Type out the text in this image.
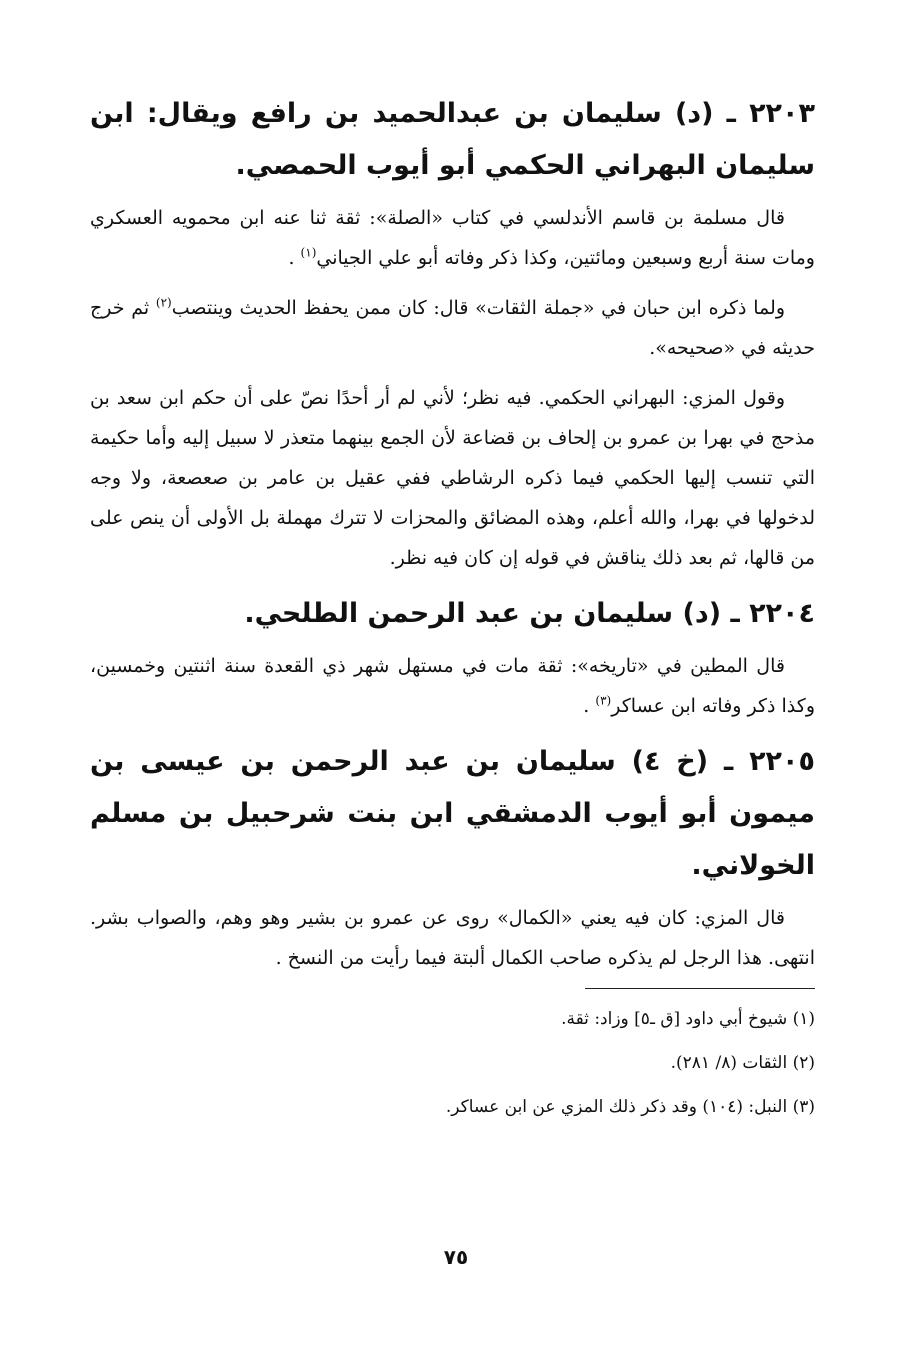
٢٢٠٣ ـ (د) سليمان بن عبدالحميد بن رافع ويقال: ابن سليمان البهراني الحكمي أبو أيوب الحمصي.

قال مسلمة بن قاسم الأندلسي في كتاب «الصلة»: ثقة ثنا عنه ابن محمويه العسكري ومات سنة أربع وسبعين ومائتين، وكذا ذكر وفاته أبو علي الجياني$^{(١)}$ .

ولما ذكره ابن حبان في «جملة الثقات» قال: كان ممن يحفظ الحديث وينتصب$^{(٢)}$ ثم خرج حديثه في «صحيحه».

وقول المزي: البهراني الحكمي. فيه نظر؛ لأني لم أر أحدًا نصّ على أن حكم ابن سعد بن مذحج في بهرا بن عمرو بن إلحاف بن قضاعة لأن الجمع بينهما متعذر لا سبيل إليه وأما حكيمة التي تنسب إليها الحكمي فيما ذكره الرشاطي ففي عقيل بن عامر بن صعصعة، ولا وجه لدخولها في بهرا، والله أعلم، وهذه المضائق والمحزات لا تترك مهملة بل الأولى أن ينص على من قالها، ثم بعد ذلك يناقش في قوله إن كان فيه نظر.

٢٢٠٤ ـ (د) سليمان بن عبد الرحمن الطلحي.

قال المطين في «تاريخه»: ثقة مات في مستهل شهر ذي القعدة سنة اثنتين وخمسين، وكذا ذكر وفاته ابن عساكر$^{(٣)}$ .

٢٢٠٥ ـ (خ ٤) سليمان بن عبد الرحمن بن عيسى بن ميمون أبو أيوب الدمشقي ابن بنت شرحبيل بن مسلم الخولاني.

قال المزي: كان فيه يعني «الكمال» روى عن عمرو بن بشير وهو وهم، والصواب بشر. انتهى. هذا الرجل لم يذكره صاحب الكمال ألبتة فيما رأيت من النسخ .

(١) شيوخ أبي داود [ق ـ٥] وزاد: ثقة.

(٢) الثقات (٨/ ٢٨١).

(٣) النبل: (١٠٤) وقد ذكر ذلك المزي عن ابن عساكر.

٧٥
